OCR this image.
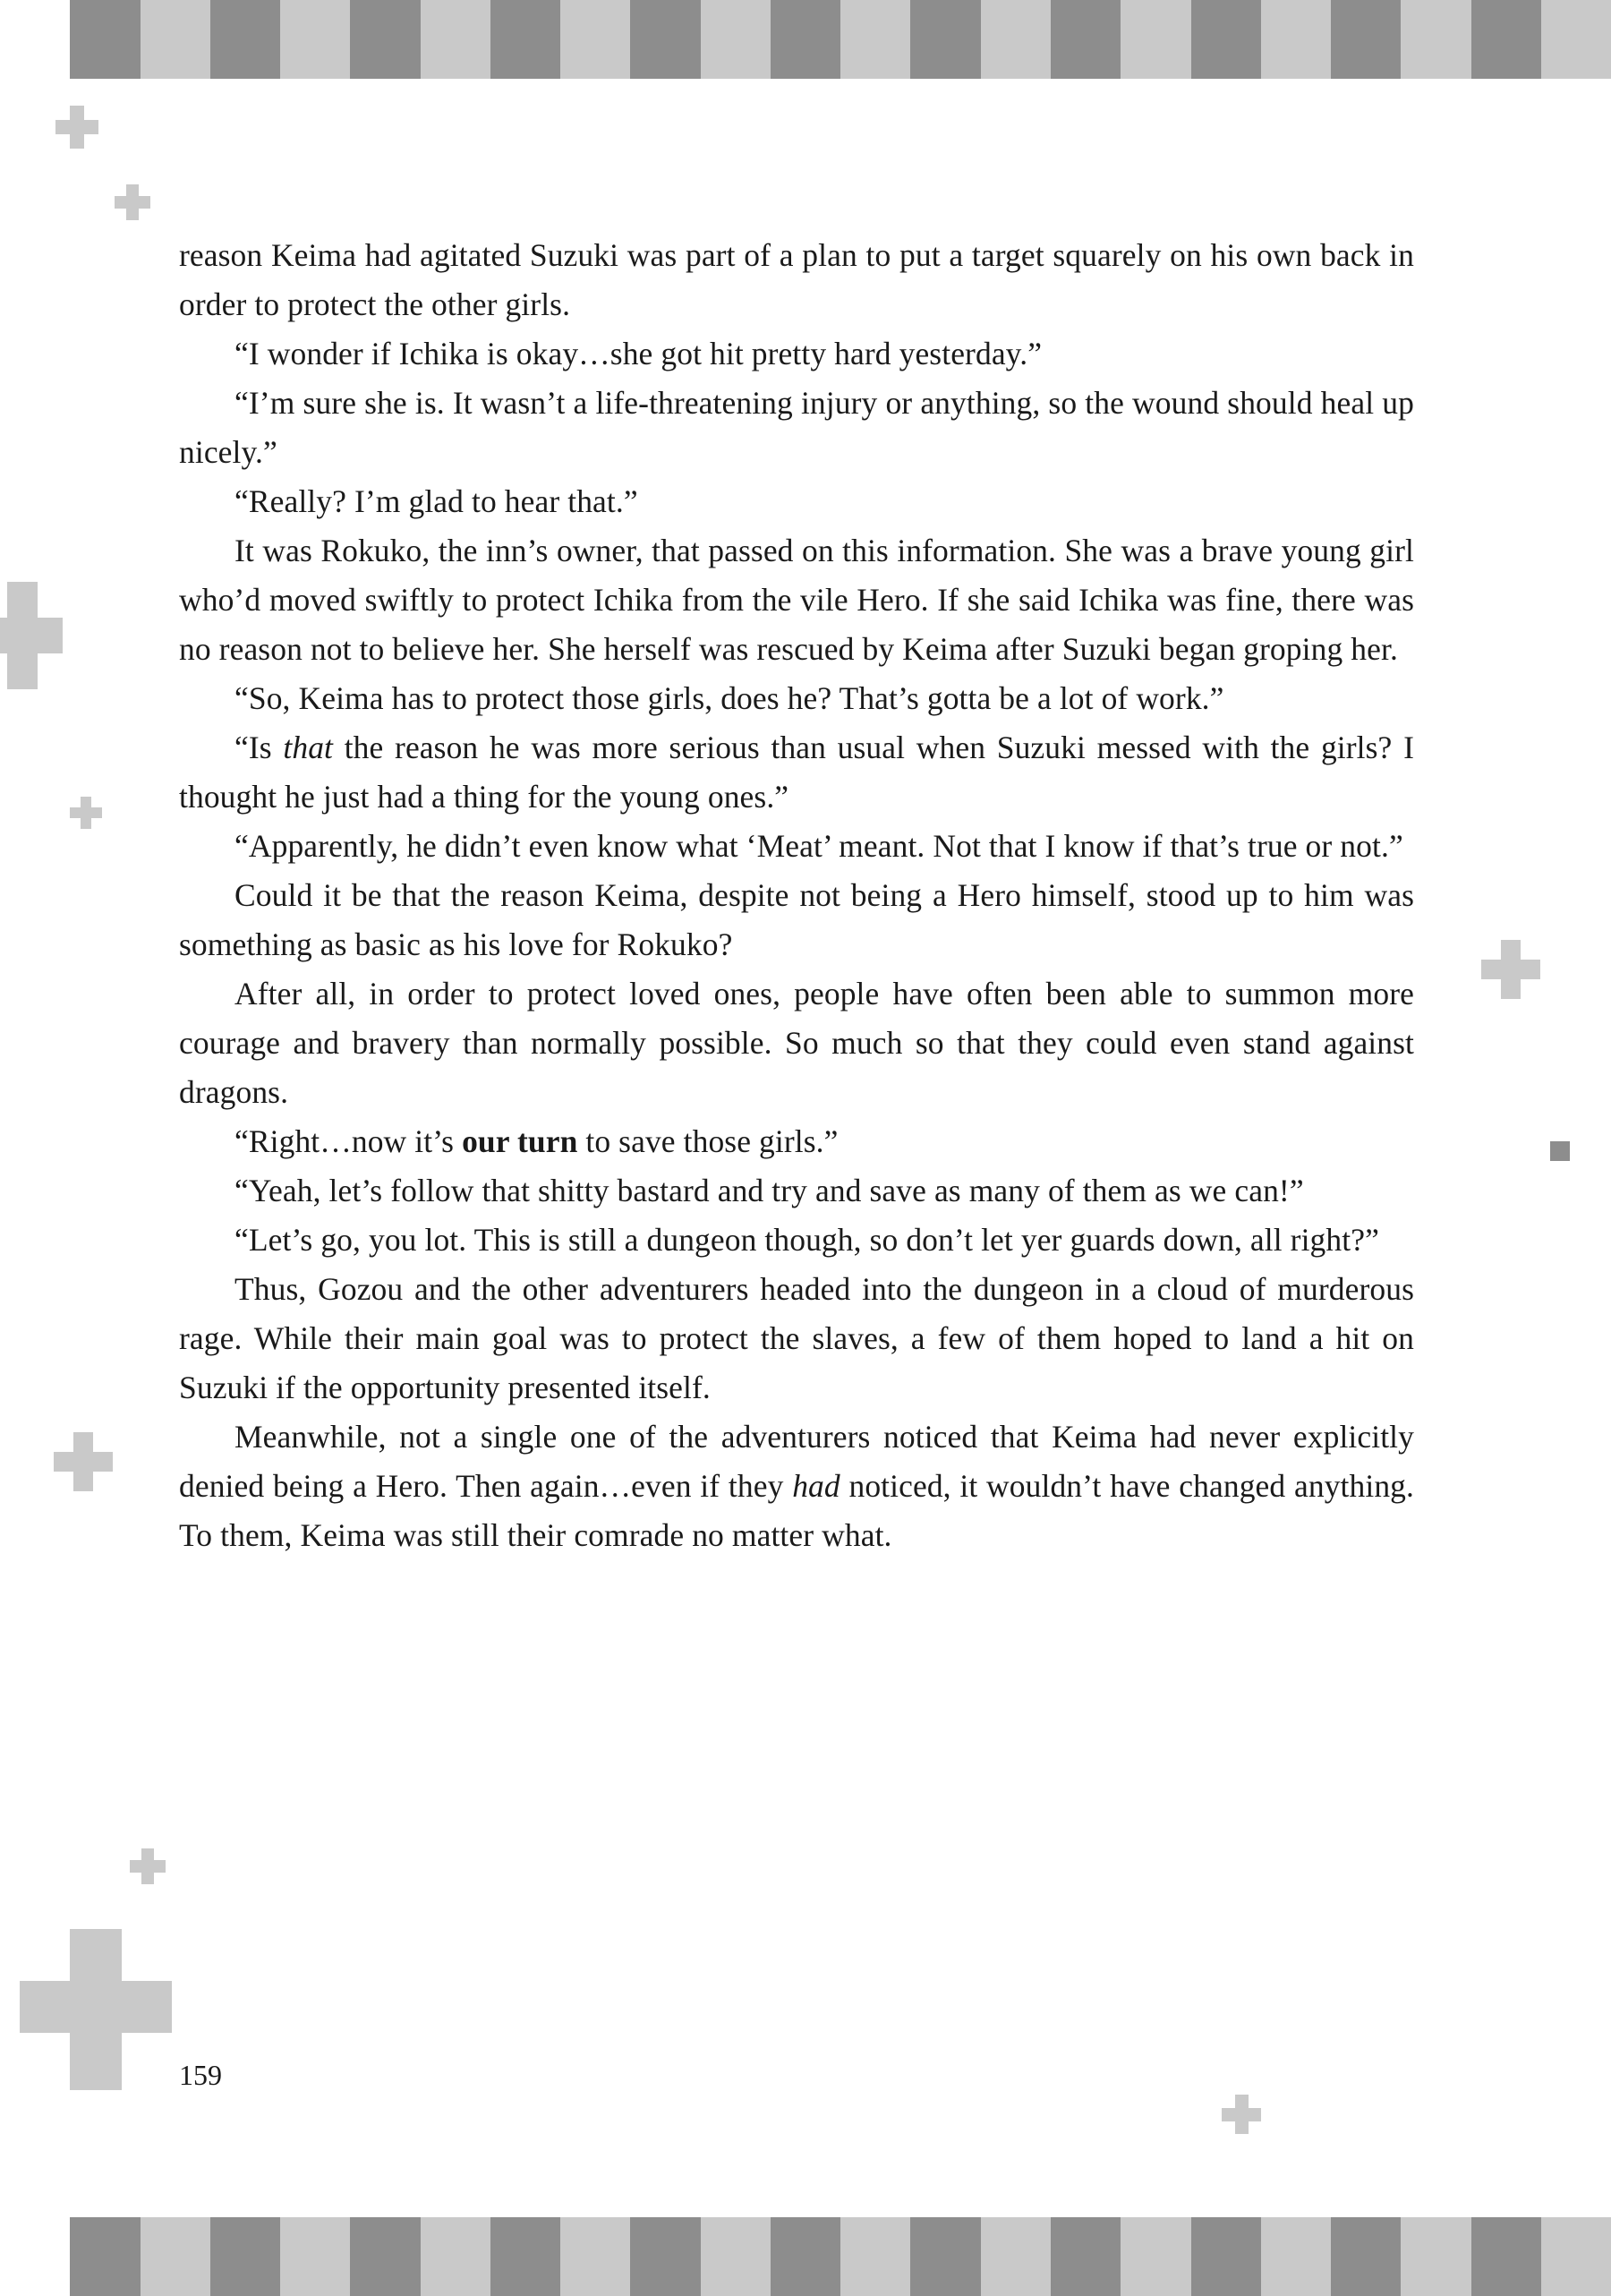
reason Keima had agitated Suzuki was part of a plan to put a target squarely on his own back in order to protect the other girls.

“I wonder if Ichika is okay…she got hit pretty hard yesterday.”

“I’m sure she is. It wasn’t a life-threatening injury or anything, so the wound should heal up nicely.”

“Really? I’m glad to hear that.”

It was Rokuko, the inn’s owner, that passed on this information. She was a brave young girl who’d moved swiftly to protect Ichika from the vile Hero. If she said Ichika was fine, there was no reason not to believe her. She herself was rescued by Keima after Suzuki began groping her.

“So, Keima has to protect those girls, does he? That’s gotta be a lot of work.”

“Is that the reason he was more serious than usual when Suzuki messed with the girls? I thought he just had a thing for the young ones.”

“Apparently, he didn’t even know what ‘Meat’ meant. Not that I know if that’s true or not.”

Could it be that the reason Keima, despite not being a Hero himself, stood up to him was something as basic as his love for Rokuko?

After all, in order to protect loved ones, people have often been able to summon more courage and bravery than normally possible. So much so that they could even stand against dragons.

“Right…now it’s our turn to save those girls.”

“Yeah, let’s follow that shitty bastard and try and save as many of them as we can!”

“Let’s go, you lot. This is still a dungeon though, so don’t let yer guards down, all right?”

Thus, Gozou and the other adventurers headed into the dungeon in a cloud of murderous rage. While their main goal was to protect the slaves, a few of them hoped to land a hit on Suzuki if the opportunity presented itself.

Meanwhile, not a single one of the adventurers noticed that Keima had never explicitly denied being a Hero. Then again…even if they had noticed, it wouldn’t have changed anything. To them, Keima was still their comrade no matter what.

159
